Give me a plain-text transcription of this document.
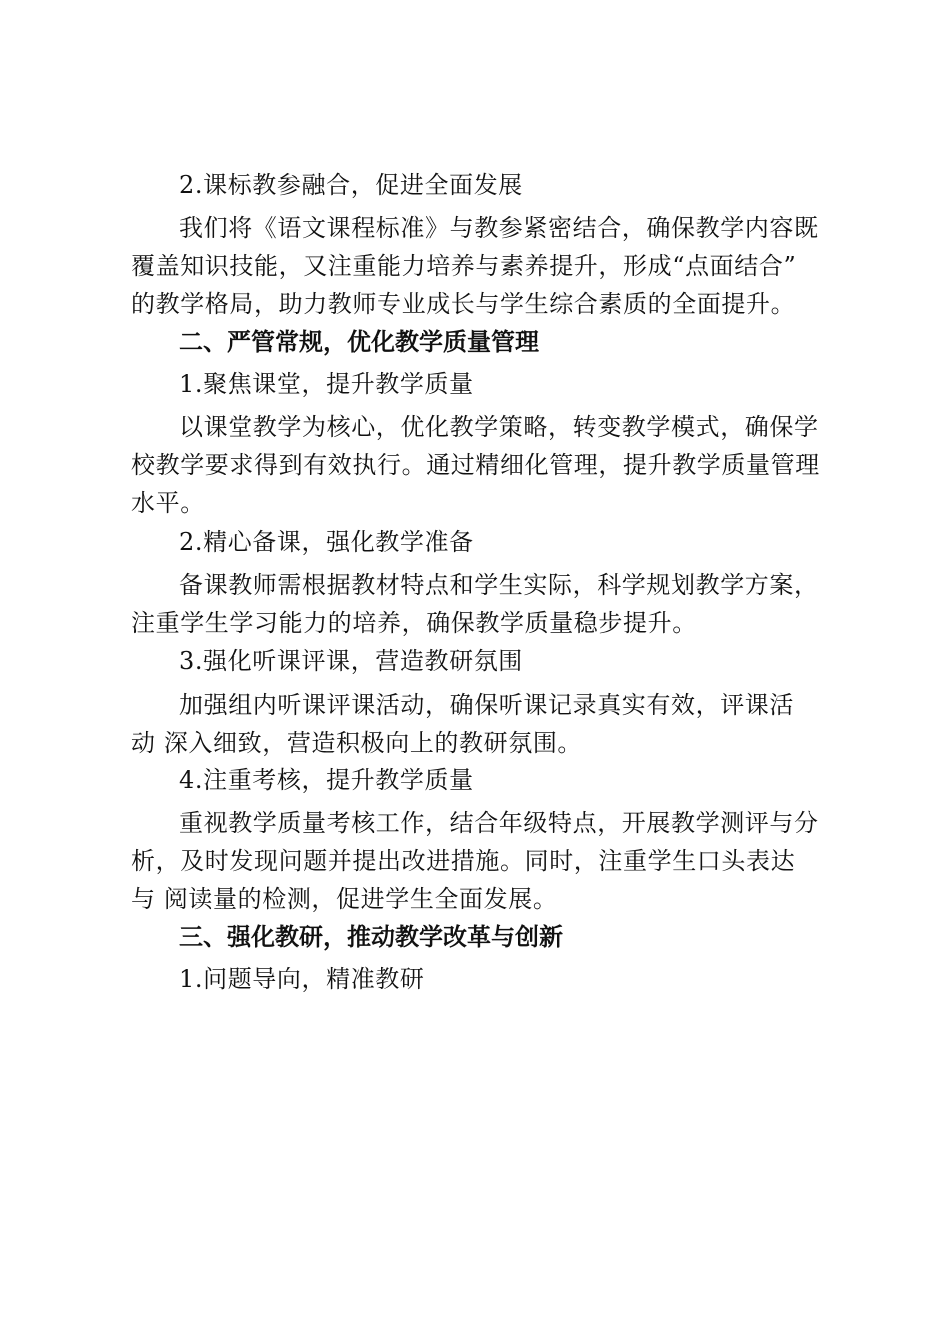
2.课标教参融合，促进全面发展
我们将《语文课程标准》与教参紧密结合，确保教学内容既
覆盖知识技能，又注重能力培养与素养提升，形成“点面结合”
的教学格局，助力教师专业成长与学生综合素质的全面提升。
二、严管常规，优化教学质量管理
1.聚焦课堂，提升教学质量
以课堂教学为核心，优化教学策略，转变教学模式，确保学
校教学要求得到有效执行。通过精细化管理，提升教学质量管理
水平。
2.精心备课，强化教学准备
备课教师需根据教材特点和学生实际，科学规划教学方案，
注重学生学习能力的培养，确保教学质量稳步提升。
3.强化听课评课，营造教研氛围
加强组内听课评课活动，确保听课记录真实有效，评课活
动 深入细致，营造积极向上的教研氛围。
4.注重考核，提升教学质量
重视教学质量考核工作，结合年级特点，开展教学测评与分
析，及时发现问题并提出改进措施。同时，注重学生口头表达
与 阅读量的检测，促进学生全面发展。
三、强化教研，推动教学改革与创新
1.问题导向，精准教研
